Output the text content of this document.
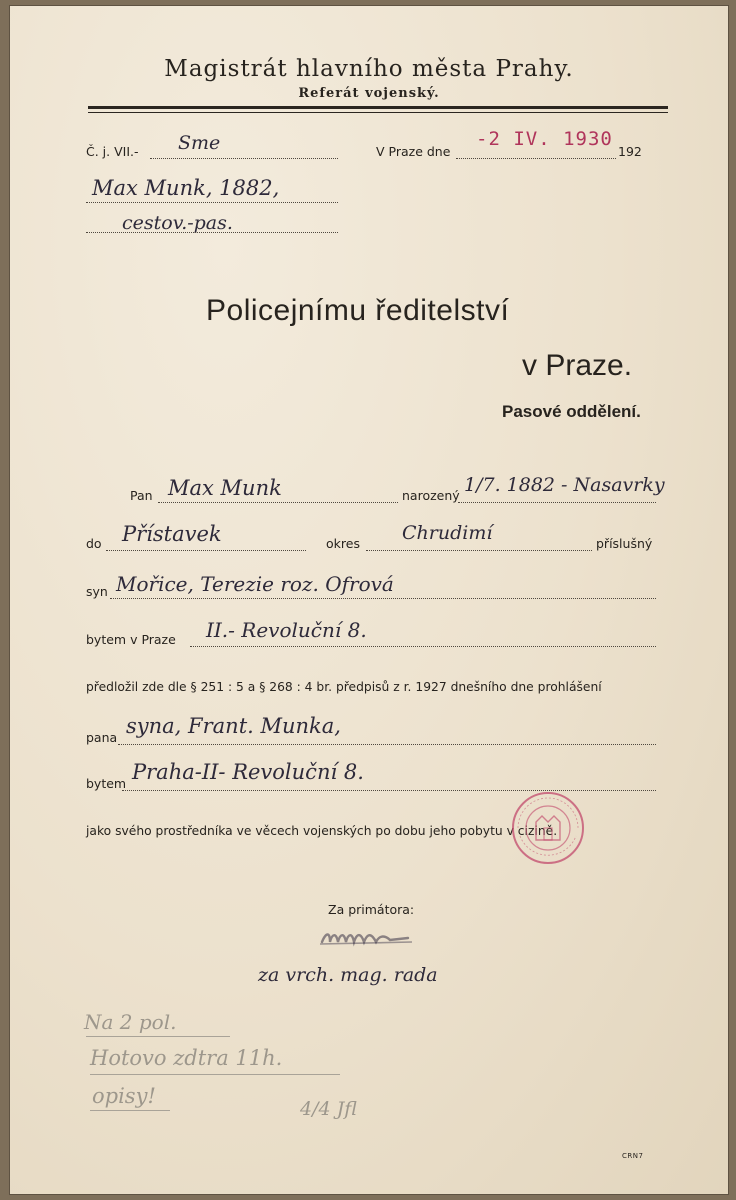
Magistrát hlavního města Prahy.
Referát vojenský.
Č. j. VII.- Sme	V Praze dne
-2 IV. 1930
192
Max Munk, 1882,
cestov.-pas.
Policejnímu ředitelství
v Praze.
Pasové oddělení.
Pan Max Munk	narozený 1/7. 1882 - Nasavrky
do Přístavek	okres Chrudimí	příslušný
syn Mořice, Terezie roz. Ofrová
bytem v Praze II.- Revoluční 8.
předložil zde dle § 251 : 5 a § 268 : 4 br. předpisů z r. 1927 dnešního dne prohlášení
pana syna, Frant. Munka,
bytem Praha-II- Revoluční 8.
jako svého prostředníka ve věcech vojenských po dobu jeho pobytu v cizině.
Za primátora:
za vrch. mag. rada
Na 2 pol.
Hotovo zdtra 11h.
opisy!
4/4 Jfl
CRN7
